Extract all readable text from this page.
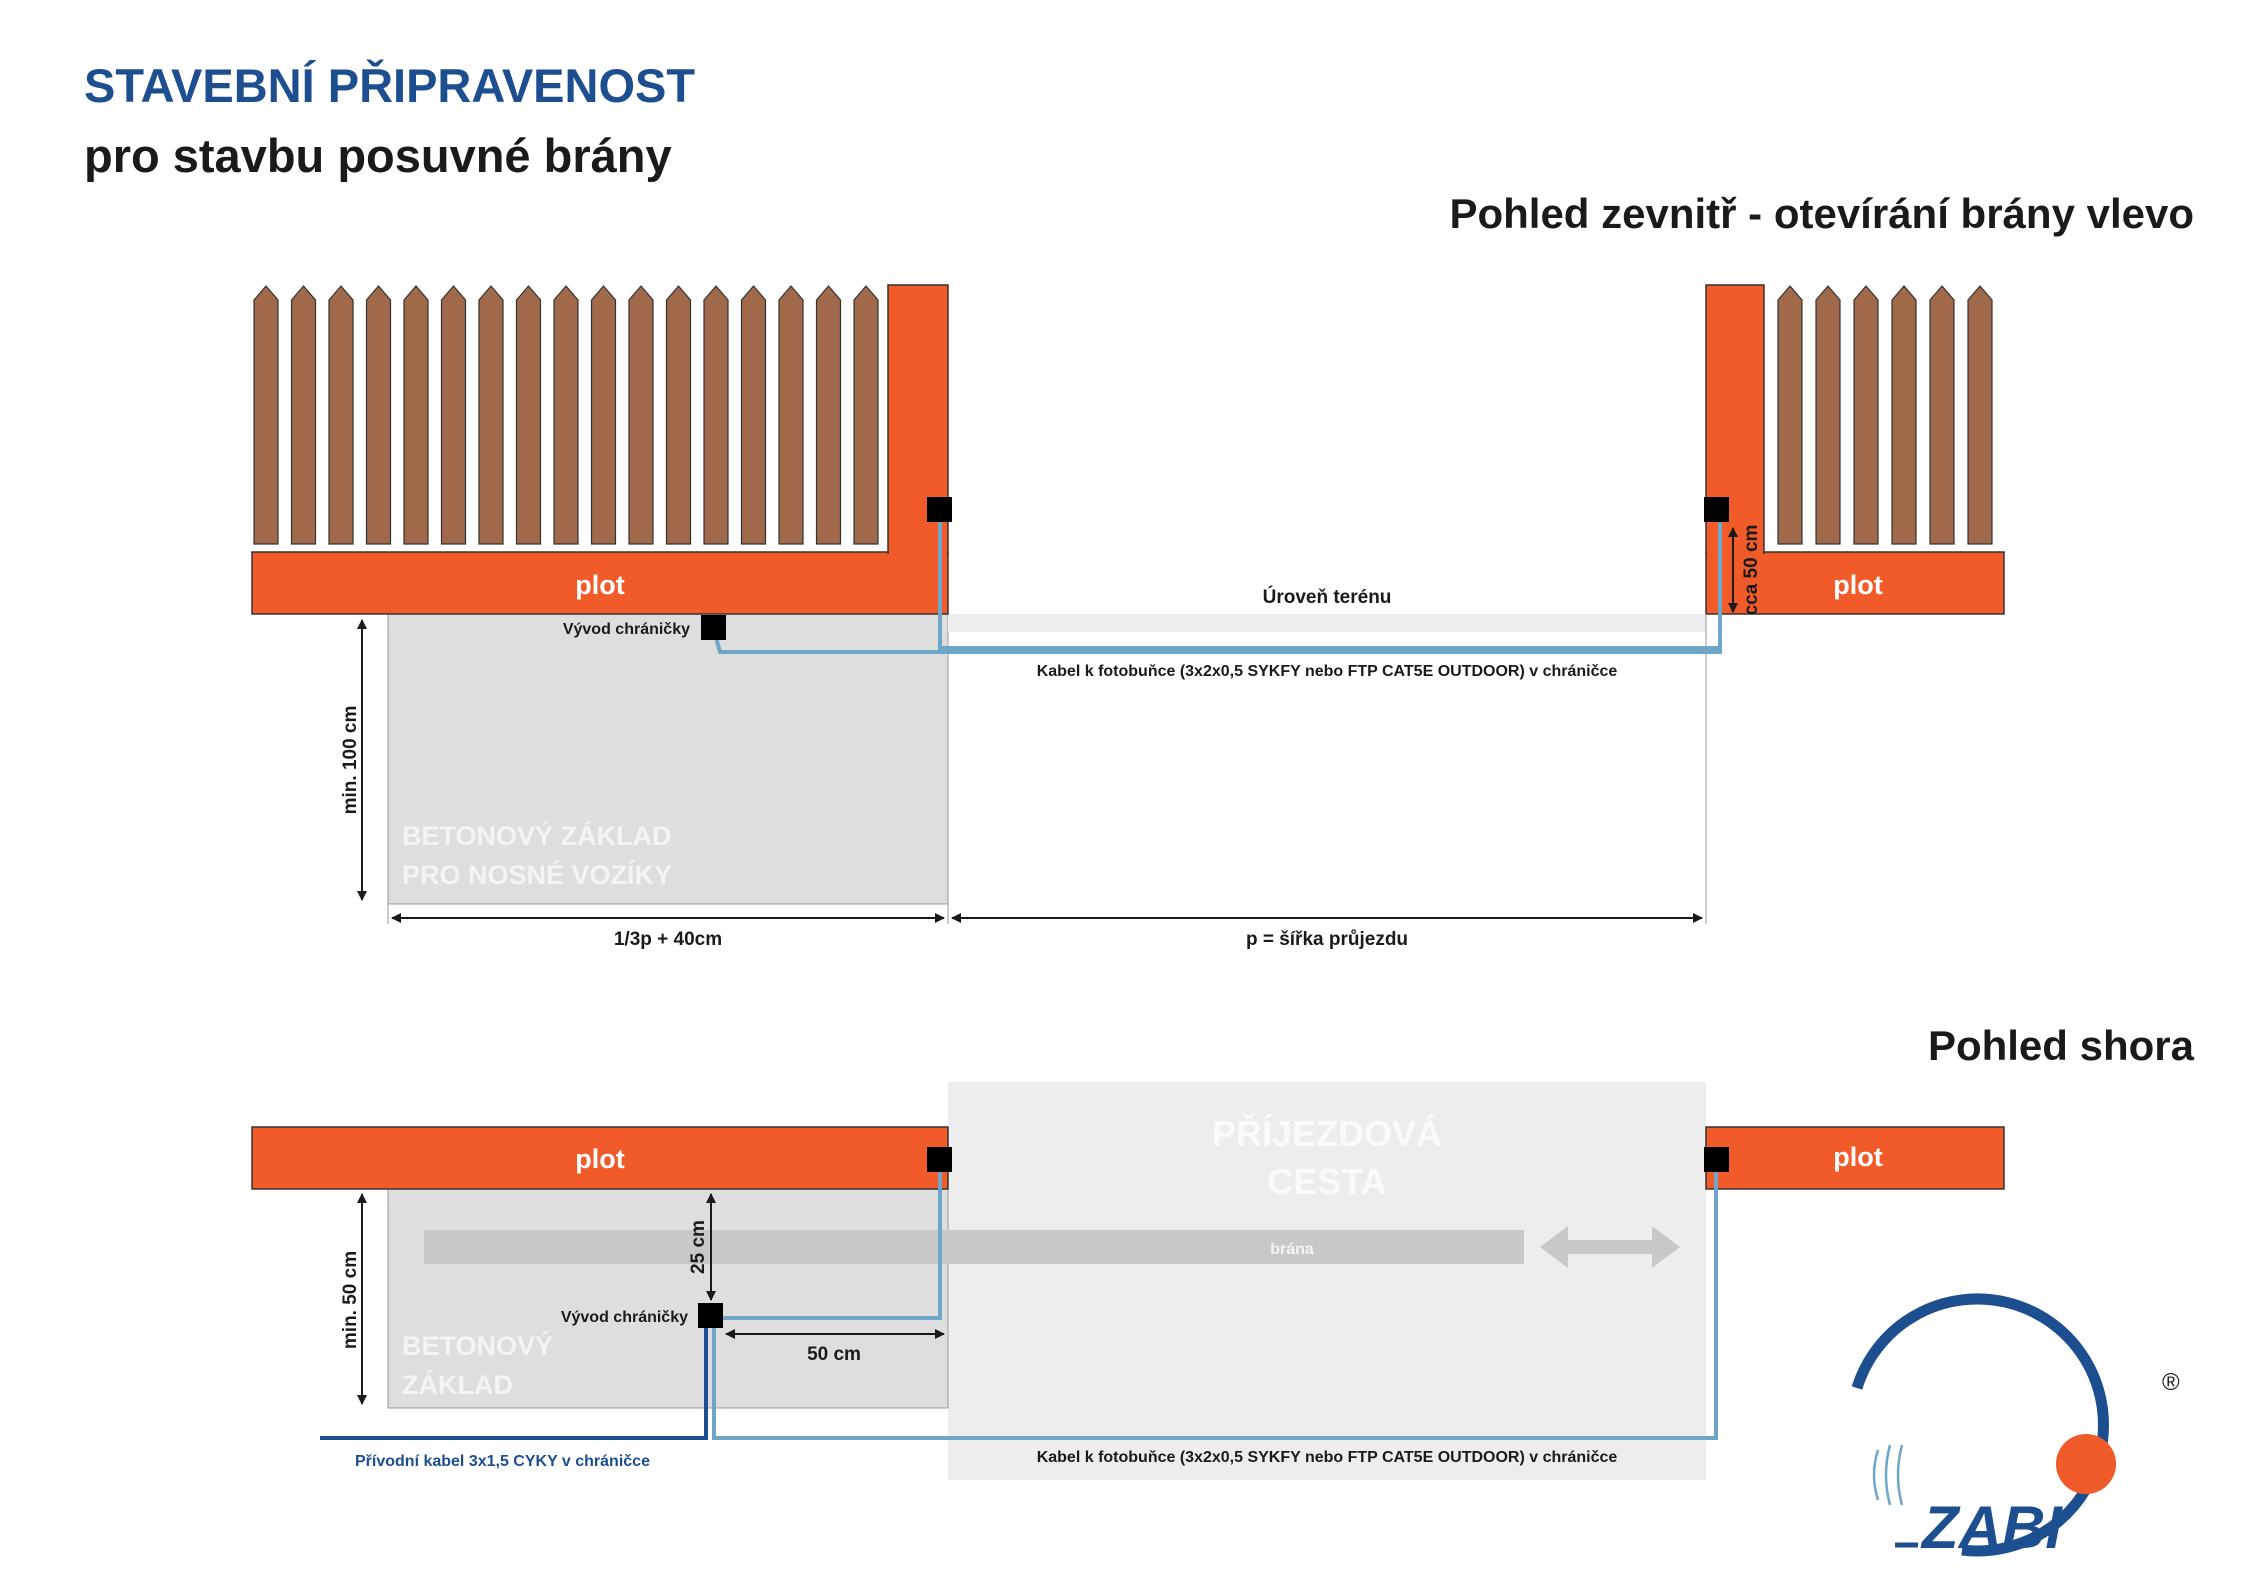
STAVEBNÍ PŘIPRAVENOST
pro stavbu posuvné brány
Pohled zevnitř - otevírání brány vlevo
Pohled shora
BETONOVÝ ZÁKLAD
PRO NOSNÉ VOZÍKY
Úroveň terénu
plot	plot
Kabel k fotobuňce (3x2x0,5 SYKFY nebo FTP CAT5E OUTDOOR) v chráničce
Vývod chráničky
cca 50 cm
min. 100 cm
1/3p + 40cm	p = šířka průjezdu
PŘÍJEZDOVÁ
CESTA
BETONOVÝ
ZÁKLAD
brána
plot	plot
Vývod chráničky
25 cm
50 cm
min. 50 cm
Přívodní kabel 3x1,5 CYKY v chráničce	Kabel k fotobuňce (3x2x0,5 SYKFY nebo FTP CAT5E OUTDOOR) v chráničce
ZABI
®
